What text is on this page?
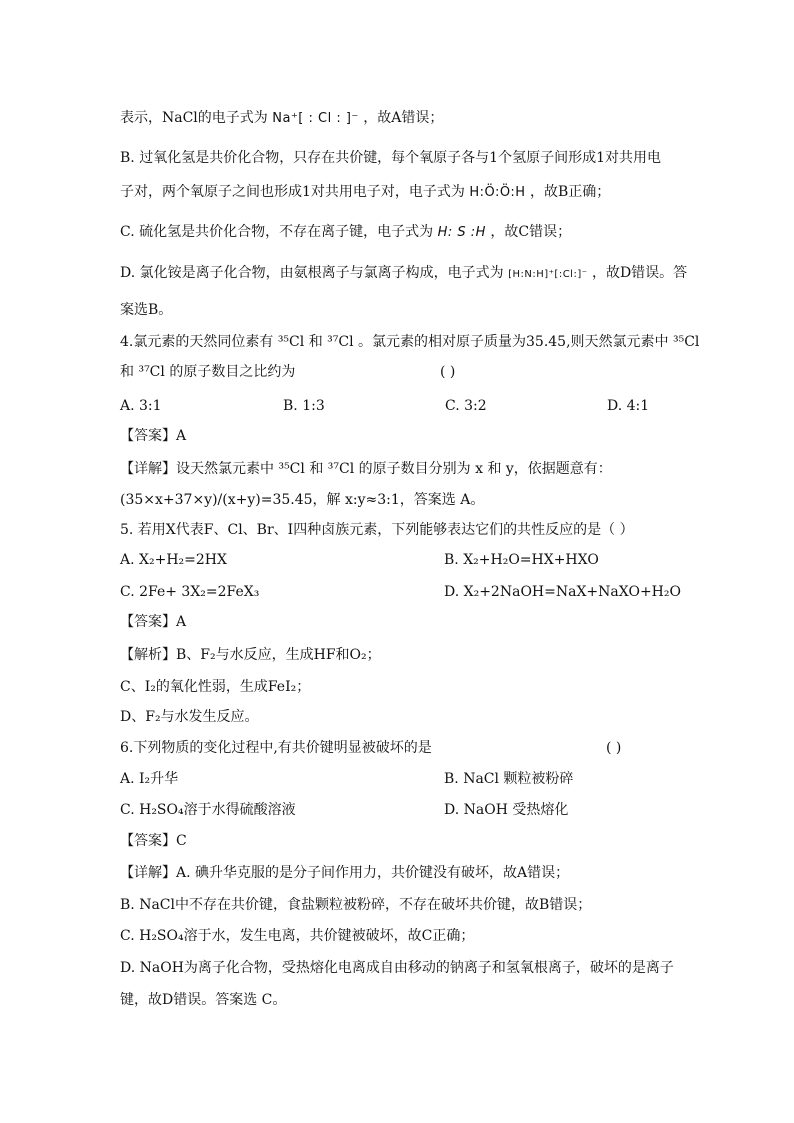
表示，NaCl的电子式为 Na⁺[ : Cl : ]⁻ ，故A错误；
B. 过氧化氢是共价化合物，只存在共价键，每个氧原子各与1个氢原子间形成1对共用电
子对，两个氧原子之间也形成1对共用电子对，电子式为 H:Ö:Ö:H ，故B正确；
C. 硫化氢是共价化合物，不存在离子键，电子式为 H: S :H ，故C错误；
D. 氯化铵是离子化合物，由氨根离子与氯离子构成，电子式为 [H:N:H]⁺[:Cl:]⁻ ，故D错误。答
案选B。
4.氯元素的天然同位素有 ³⁵Cl 和 ³⁷Cl 。氯元素的相对原子质量为35.45,则天然氯元素中 ³⁵Cl
和 ³⁷Cl 的原子数目之比约为	( )
A. 3:1	B. 1:3	C. 3:2	D. 4:1
【答案】A
【详解】设天然氯元素中 ³⁵Cl 和 ³⁷Cl 的原子数目分别为 x 和 y，依据题意有：
(35×x+37×y)/(x+y)=35.45，解 x:y≈3:1，答案选 A。
5. 若用X代表F、Cl、Br、I四种卤族元素，下列能够表达它们的共性反应的是（ ）
A. X₂+H₂=2HX	B. X₂+H₂O=HX+HXO
C. 2Fe+ 3X₂=2FeX₃	D. X₂+2NaOH=NaX+NaXO+H₂O
【答案】A
【解析】B、F₂与水反应，生成HF和O₂；
C、I₂的氧化性弱，生成FeI₂；
D、F₂与水发生反应。
6.下列物质的变化过程中,有共价键明显被破坏的是	( )
A. I₂升华	B. NaCl 颗粒被粉碎
C. H₂SO₄溶于水得硫酸溶液	D. NaOH 受热熔化
【答案】C
【详解】A. 碘升华克服的是分子间作用力，共价键没有破坏，故A错误；
B. NaCl中不存在共价键，食盐颗粒被粉碎，不存在破坏共价键，故B错误；
C. H₂SO₄溶于水，发生电离，共价键被破坏，故C正确；
D. NaOH为离子化合物，受热熔化电离成自由移动的钠离子和氢氧根离子，破坏的是离子
键，故D错误。答案选 C。
